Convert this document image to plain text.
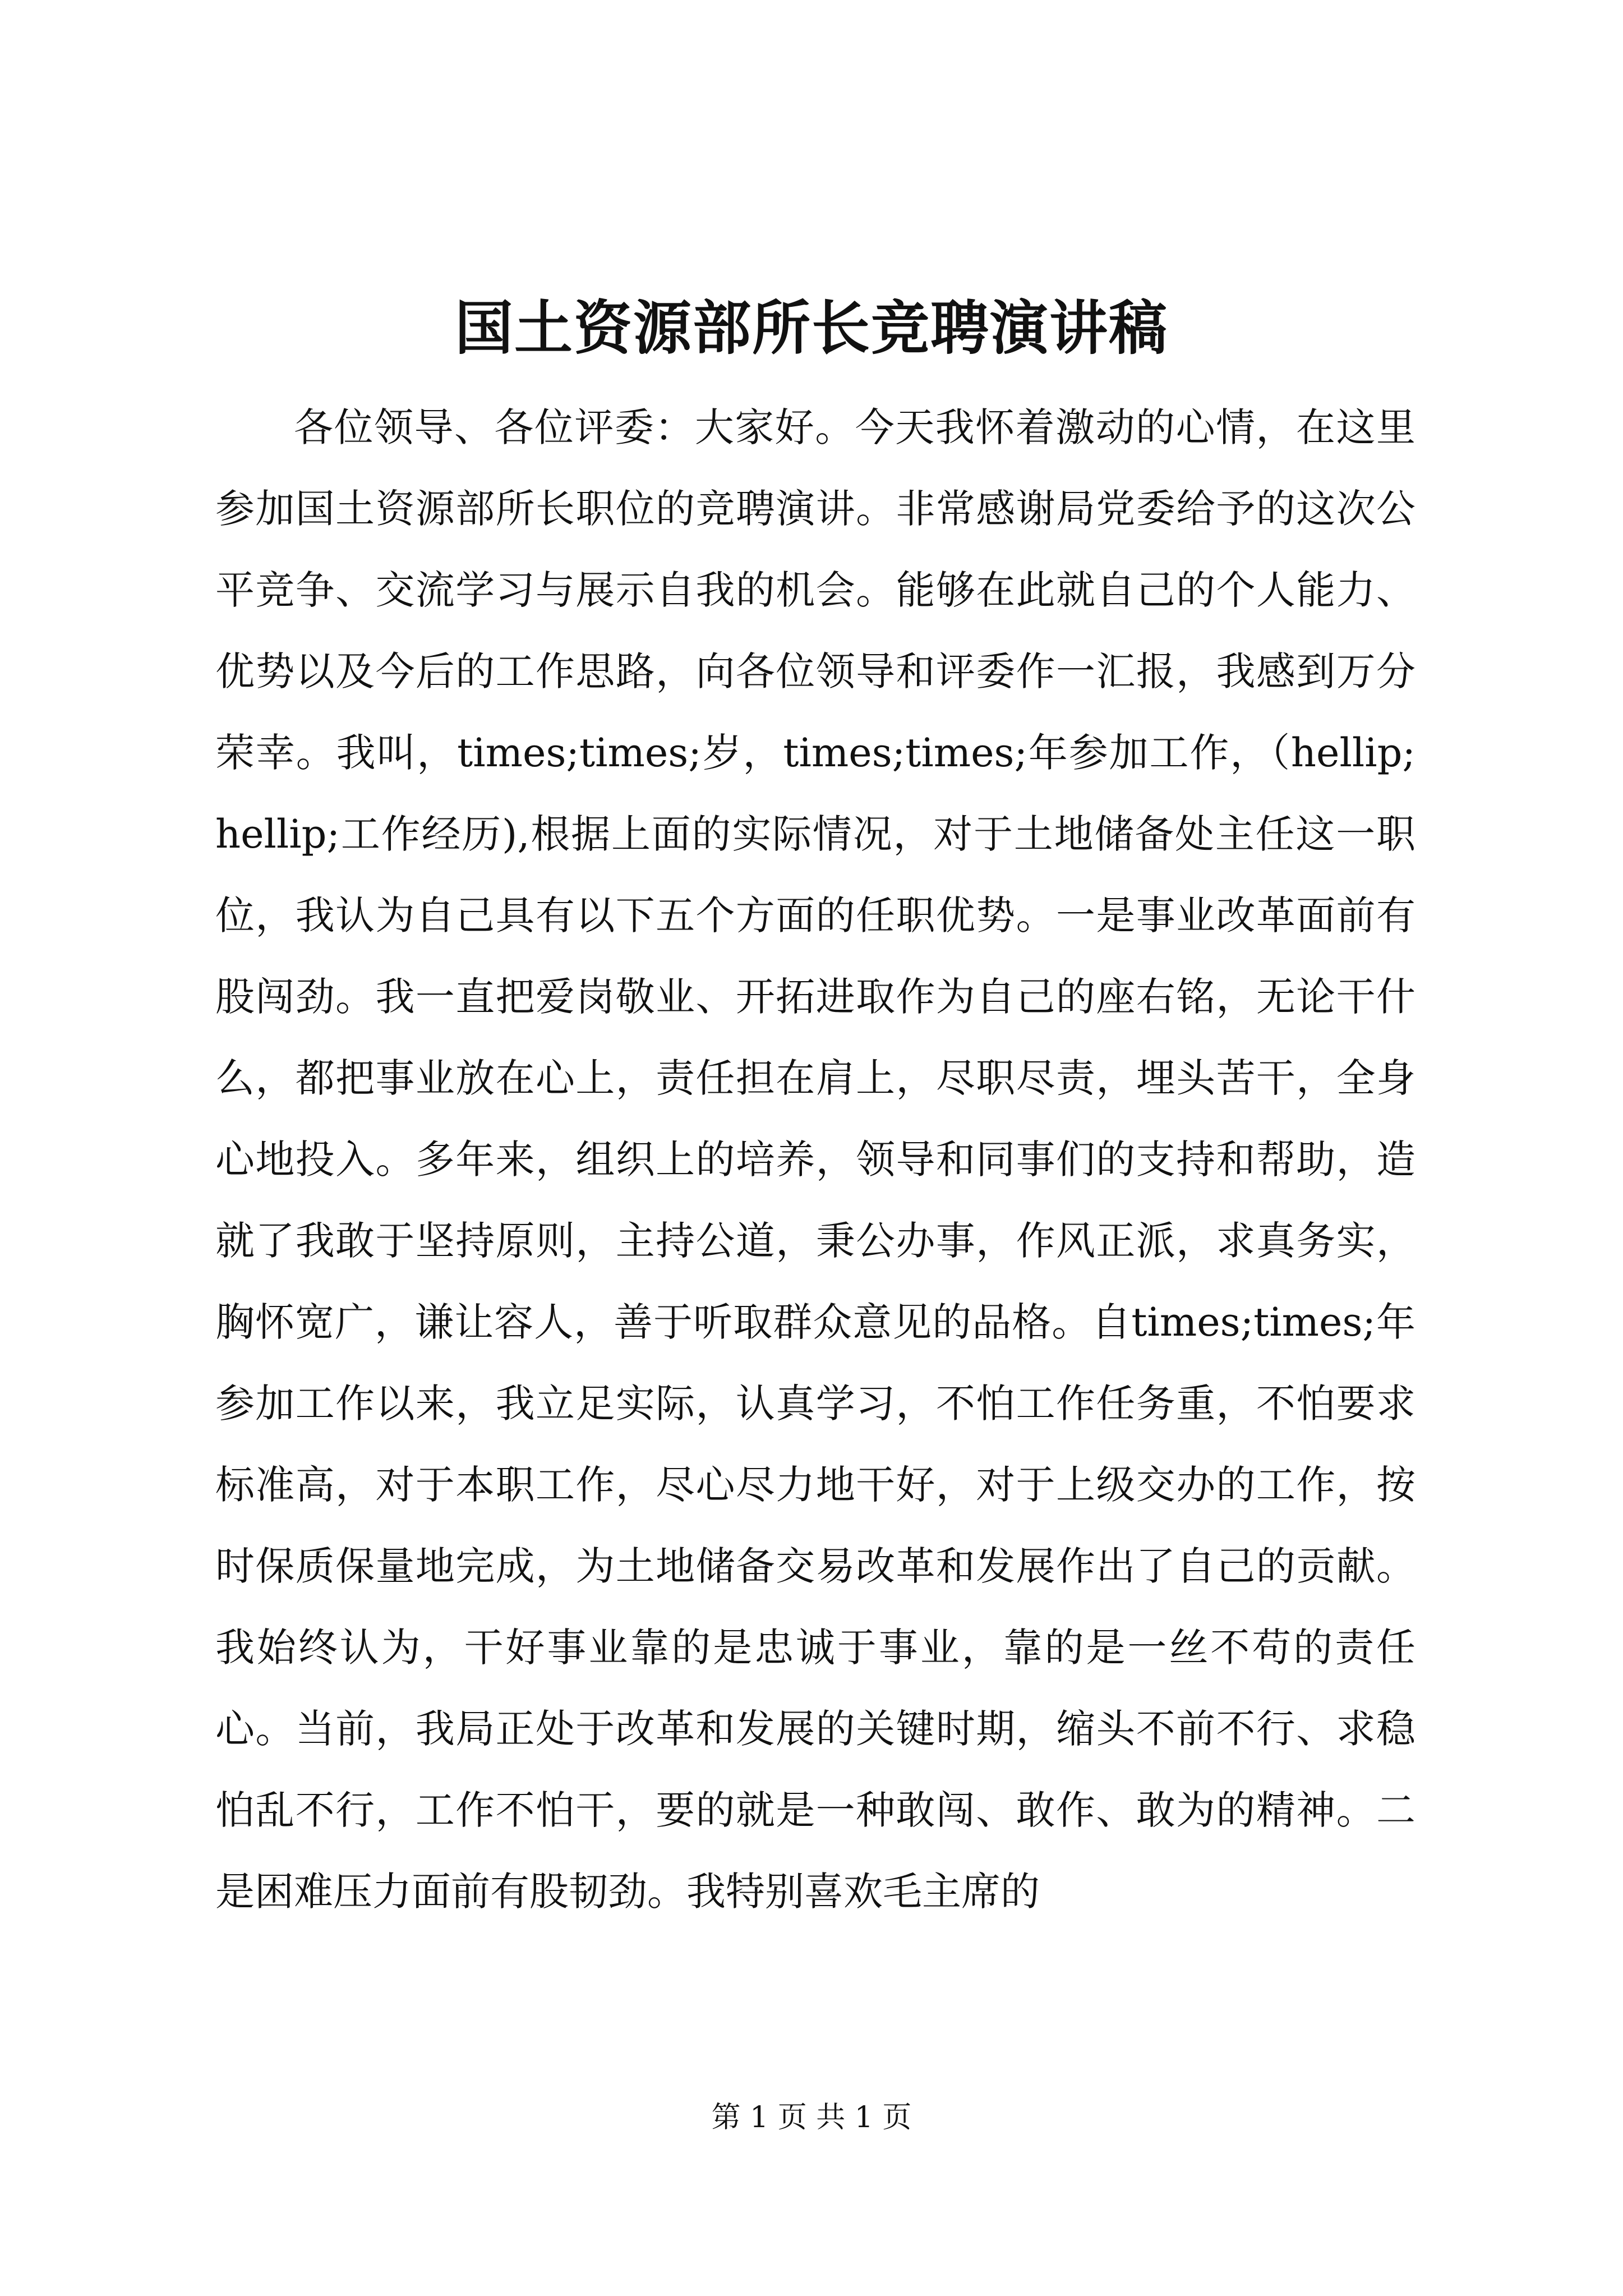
国土资源部所长竞聘演讲稿

各位领导、各位评委：大家好。今天我怀着激动的心情，在这里参加国土资源部所长职位的竞聘演讲。非常感谢局党委给予的这次公平竞争、交流学习与展示自我的机会。能够在此就自己的个人能力、优势以及今后的工作思路，向各位领导和评委作一汇报，我感到万分荣幸。我叫，times;times;岁，times;times;年参加工作，（hellip;hellip;工作经历),根据上面的实际情况，对于土地储备处主任这一职位，我认为自己具有以下五个方面的任职优势。一是事业改革面前有股闯劲。我一直把爱岗敬业、开拓进取作为自己的座右铭，无论干什么，都把事业放在心上，责任担在肩上，尽职尽责，埋头苦干，全身心地投入。多年来，组织上的培养，领导和同事们的支持和帮助，造就了我敢于坚持原则，主持公道，秉公办事，作风正派，求真务实，胸怀宽广，谦让容人，善于听取群众意见的品格。自times;times;年参加工作以来，我立足实际，认真学习，不怕工作任务重，不怕要求标准高，对于本职工作，尽心尽力地干好，对于上级交办的工作，按时保质保量地完成，为土地储备交易改革和发展作出了自己的贡献。我始终认为，干好事业靠的是忠诚于事业，靠的是一丝不苟的责任心。当前，我局正处于改革和发展的关键时期，缩头不前不行、求稳怕乱不行，工作不怕干，要的就是一种敢闯、敢作、敢为的精神。二是困难压力面前有股韧劲。我特别喜欢毛主席的

第 1 页 共 1 页
